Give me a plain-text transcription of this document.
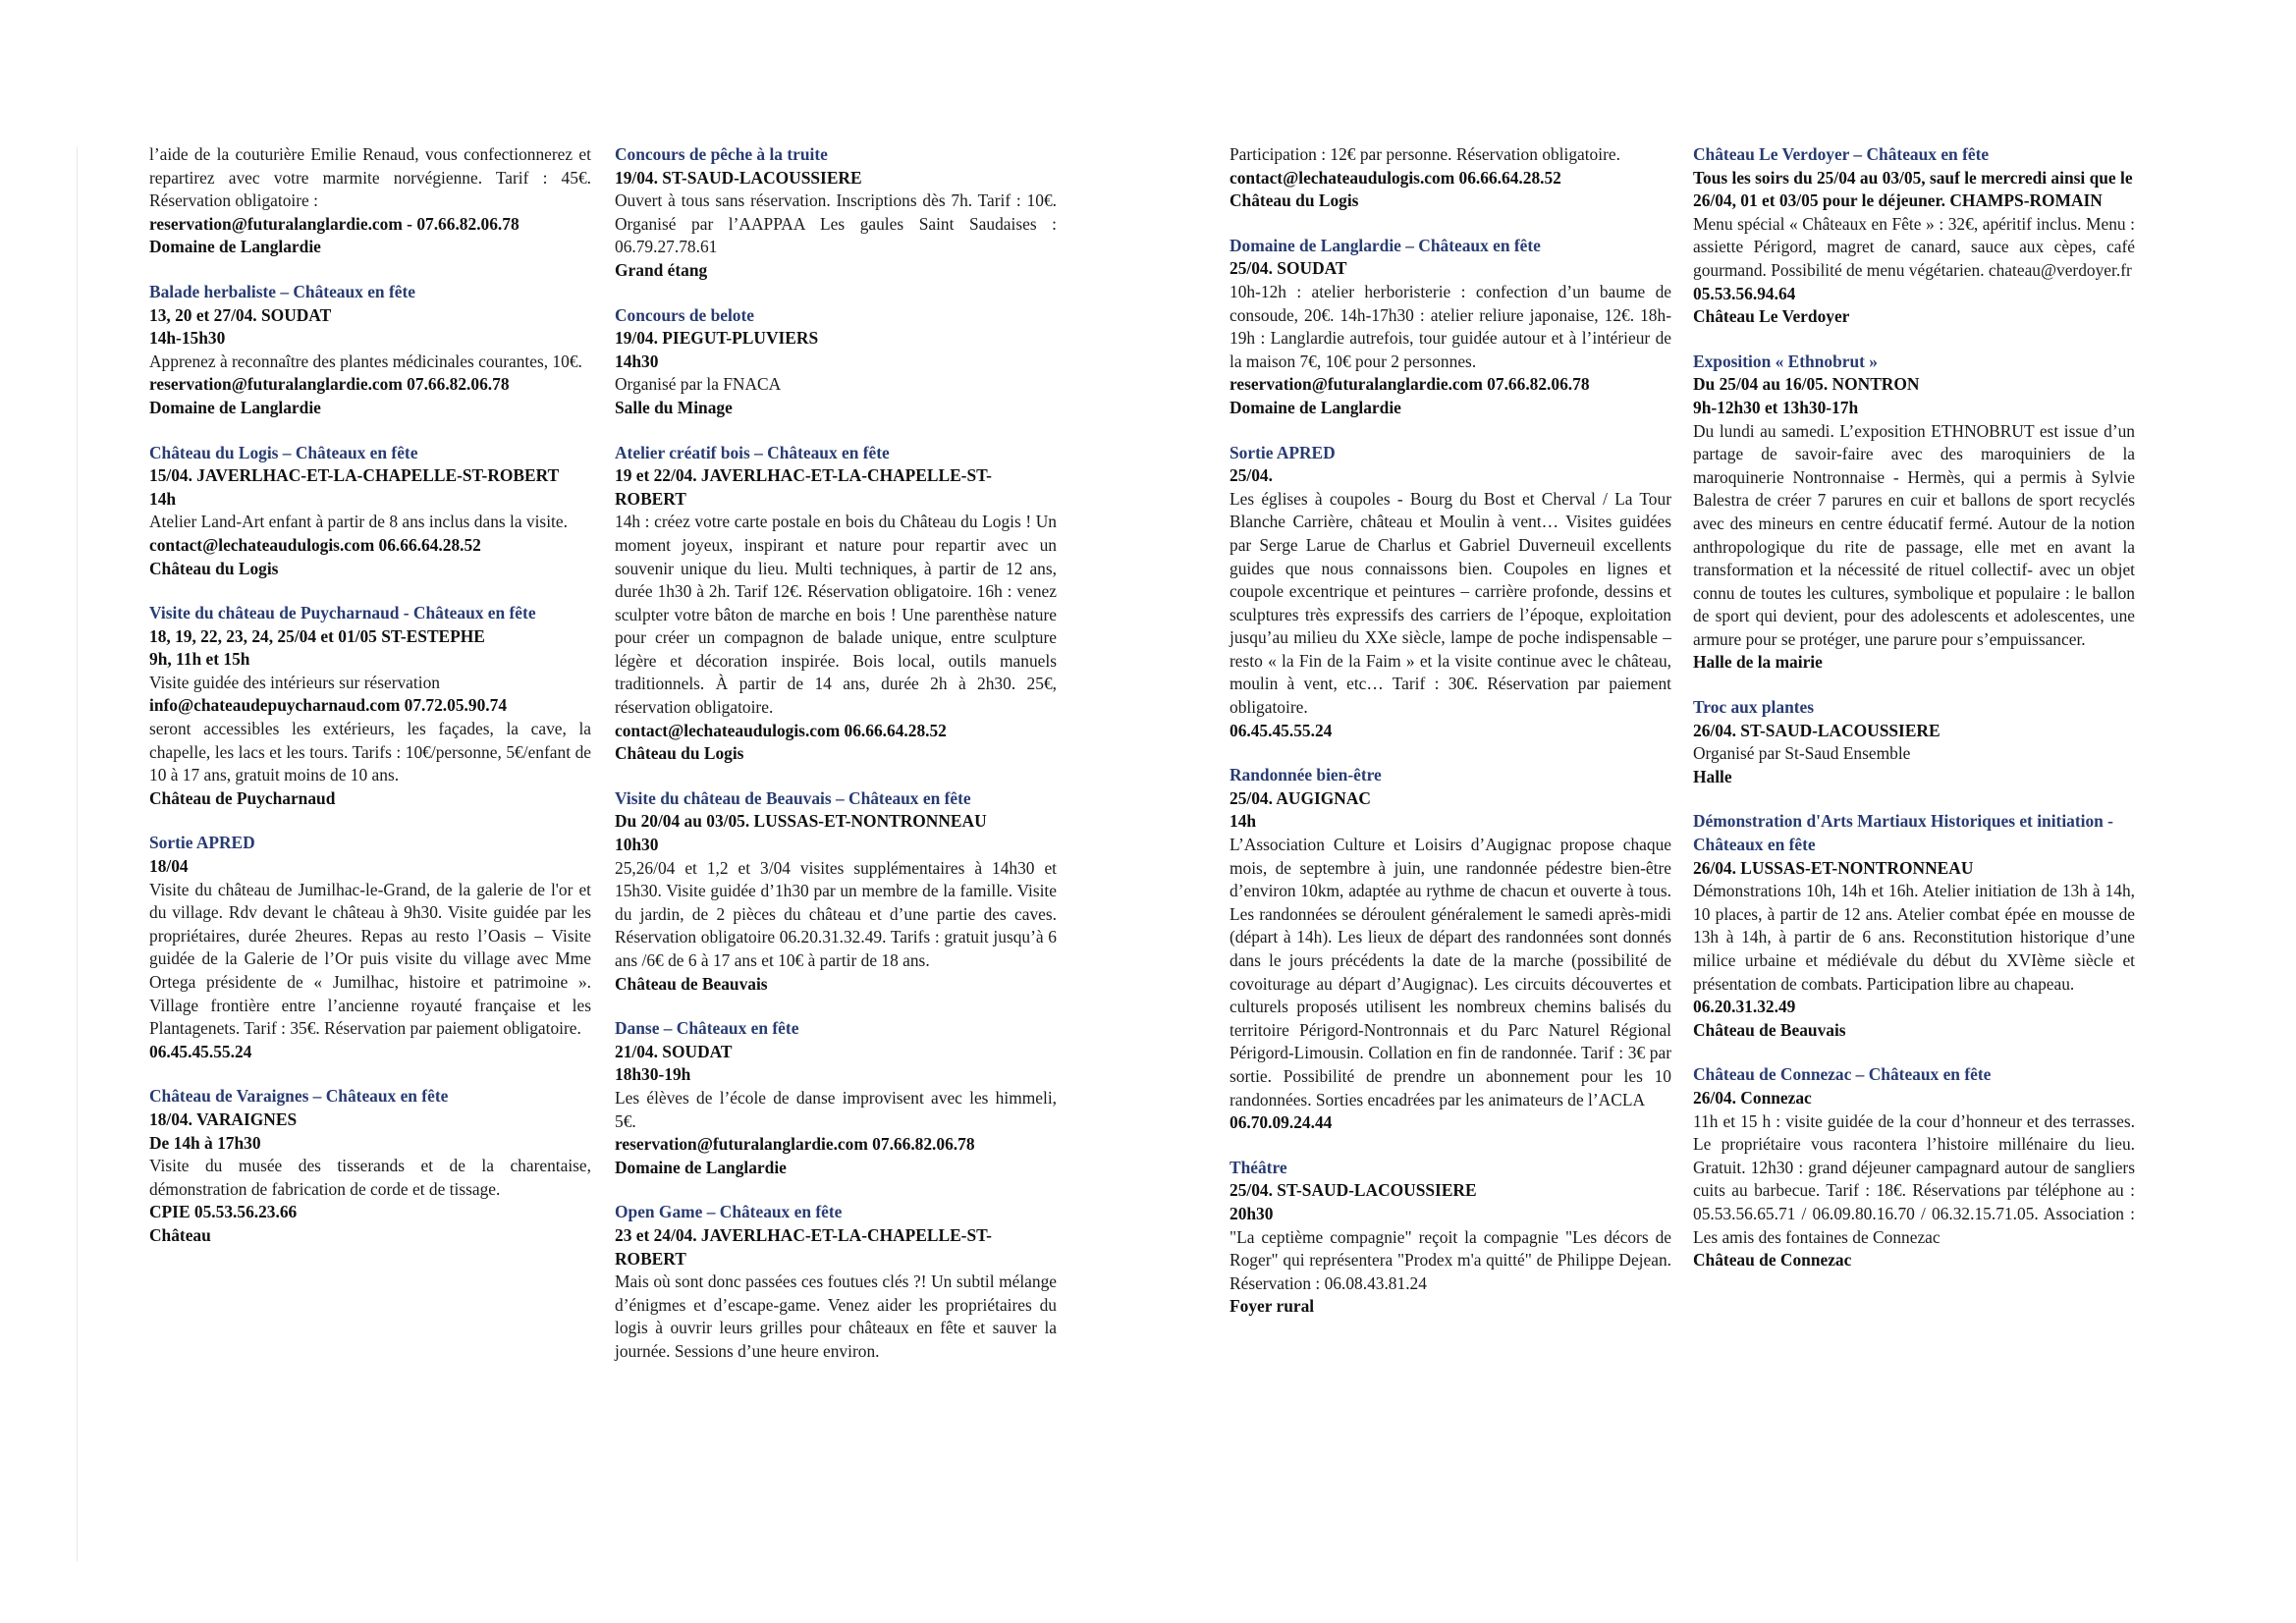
l’aide de la couturière Emilie Renaud, vous confectionnerez et repartirez avec votre marmite norvégienne. Tarif : 45€. Réservation obligatoire :
reservation@futuralanglardie.com - 07.66.82.06.78
Domaine de Langlardie
Balade herbaliste – Châteaux en fête
13, 20 et 27/04. SOUDAT
14h-15h30
Apprenez à reconnaître des plantes médicinales courantes, 10€.
reservation@futuralanglardie.com 07.66.82.06.78
Domaine de Langlardie
Château du Logis – Châteaux en fête
15/04. JAVERLHAC-ET-LA-CHAPELLE-ST-ROBERT
14h
Atelier Land-Art enfant à partir de 8 ans inclus dans la visite.
contact@lechateaudulogis.com 06.66.64.28.52
Château du Logis
Visite du château de Puycharnaud - Châteaux en fête
18, 19, 22, 23, 24, 25/04 et 01/05 ST-ESTEPHE
9h, 11h et 15h
Visite guidée des intérieurs sur réservation
info@chateaudepuycharnaud.com 07.72.05.90.74
seront accessibles les extérieurs, les façades, la cave, la chapelle, les lacs et les tours. Tarifs : 10€/personne, 5€/enfant de 10 à 17 ans, gratuit moins de 10 ans.
Château de Puycharnaud
Sortie APRED
18/04
Visite du château de Jumilhac-le-Grand, de la galerie de l'or et du village. Rdv devant le château à 9h30. Visite guidée par les propriétaires, durée 2heures. Repas au resto l’Oasis – Visite guidée de la Galerie de l’Or puis visite du village avec Mme Ortega présidente de « Jumilhac, histoire et patrimoine ». Village frontière entre l’ancienne royauté française et les Plantagenets. Tarif : 35€. Réservation par paiement obligatoire.
06.45.45.55.24
Château de Varaignes – Châteaux en fête
18/04. VARAIGNES
De 14h à 17h30
Visite du musée des tisserands et de la charentaise, démonstration de fabrication de corde et de tissage.
CPIE 05.53.56.23.66
Château
Concours de pêche à la truite
19/04. ST-SAUD-LACOUSSIERE
Ouvert à tous sans réservation. Inscriptions dès 7h. Tarif : 10€. Organisé par l’AAPPAA Les gaules Saint Saudaises : 06.79.27.78.61
Grand étang
Concours de belote
19/04. PIEGUT-PLUVIERS
14h30
Organisé par la FNACA
Salle du Minage
Atelier créatif bois – Châteaux en fête
19 et 22/04. JAVERLHAC-ET-LA-CHAPELLE-ST-ROBERT
14h : créez votre carte postale en bois du Château du Logis ! Un moment joyeux, inspirant et nature pour repartir avec un souvenir unique du lieu. Multi techniques, à partir de 12 ans, durée 1h30 à 2h. Tarif 12€. Réservation obligatoire. 16h : venez sculpter votre bâton de marche en bois ! Une parenthèse nature pour créer un compagnon de balade unique, entre sculpture légère et décoration inspirée. Bois local, outils manuels traditionnels. À partir de 14 ans, durée 2h à 2h30. 25€, réservation obligatoire.
contact@lechateaudulogis.com 06.66.64.28.52
Château du Logis
Visite du château de Beauvais – Châteaux en fête
Du 20/04 au 03/05. LUSSAS-ET-NONTRONNEAU
10h30
25,26/04 et 1,2 et 3/04 visites supplémentaires à 14h30 et 15h30. Visite guidée d’1h30 par un membre de la famille. Visite du jardin, de 2 pièces du château et d’une partie des caves. Réservation obligatoire 06.20.31.32.49. Tarifs : gratuit jusqu’à 6 ans /6€ de 6 à 17 ans et 10€ à partir de 18 ans.
Château de Beauvais
Danse – Châteaux en fête
21/04. SOUDAT
18h30-19h
Les élèves de l’école de danse improvisent avec les himmeli, 5€.
reservation@futuralanglardie.com 07.66.82.06.78
Domaine de Langlardie
Open Game – Châteaux en fête
23 et 24/04. JAVERLHAC-ET-LA-CHAPELLE-ST-ROBERT
Mais où sont donc passées ces foutues clés ?! Un subtil mélange d’énigmes et d’escape-game. Venez aider les propriétaires du logis à ouvrir leurs grilles pour châteaux en fête et sauver la journée. Sessions d’une heure environ.
Participation : 12€ par personne. Réservation obligatoire.
contact@lechateaudulogis.com 06.66.64.28.52
Château du Logis
Domaine de Langlardie – Châteaux en fête
25/04. SOUDAT
10h-12h : atelier herboristerie : confection d’un baume de consoude, 20€. 14h-17h30 : atelier reliure japonaise, 12€. 18h-19h : Langlardie autrefois, tour guidée autour et à l’intérieur de la maison 7€, 10€ pour 2 personnes.
reservation@futuralanglardie.com 07.66.82.06.78
Domaine de Langlardie
Sortie APRED
25/04.
Les églises à coupoles - Bourg du Bost et Cherval / La Tour Blanche Carrière, château et Moulin à vent… Visites guidées par Serge Larue de Charlus et Gabriel Duverneuil excellents guides que nous connaissons bien. Coupoles en lignes et coupole excentrique et peintures – carrière profonde, dessins et sculptures très expressifs des carriers de l’époque, exploitation jusqu’au milieu du XXe siècle, lampe de poche indispensable – resto « la Fin de la Faim » et la visite continue avec le château, moulin à vent, etc… Tarif : 30€. Réservation par paiement obligatoire.
06.45.45.55.24
Randonnée bien-être
25/04. AUGIGNAC
14h
L’Association Culture et Loisirs d’Augignac propose chaque mois, de septembre à juin, une randonnée pédestre bien-être d’environ 10km, adaptée au rythme de chacun et ouverte à tous. Les randonnées se déroulent généralement le samedi après-midi (départ à 14h). Les lieux de départ des randonnées sont donnés dans le jours précédents la date de la marche (possibilité de covoiturage au départ d’Augignac). Les circuits découvertes et culturels proposés utilisent les nombreux chemins balisés du territoire Périgord-Nontronnais et du Parc Naturel Régional Périgord-Limousin. Collation en fin de randonnée. Tarif : 3€ par sortie. Possibilité de prendre un abonnement pour les 10 randonnées. Sorties encadrées par les animateurs de l’ACLA
06.70.09.24.44
Théâtre
25/04. ST-SAUD-LACOUSSIERE
20h30
"La ceptième compagnie" reçoit la compagnie "Les décors de Roger" qui représentera "Prodex m'a quitté" de Philippe Dejean. Réservation : 06.08.43.81.24
Foyer rural
Château Le Verdoyer – Châteaux en fête
Tous les soirs du 25/04 au 03/05, sauf le mercredi ainsi que le 26/04, 01 et 03/05 pour le déjeuner. CHAMPS-ROMAIN
Menu spécial « Châteaux en Fête » : 32€, apéritif inclus. Menu : assiette Périgord, magret de canard, sauce aux cèpes, café gourmand. Possibilité de menu végétarien. chateau@verdoyer.fr
05.53.56.94.64
Château Le Verdoyer
Exposition « Ethnobrut »
Du 25/04 au 16/05. NONTRON
9h-12h30 et 13h30-17h
Du lundi au samedi. L’exposition ETHNOBRUT est issue d’un partage de savoir-faire avec des maroquiniers de la maroquinerie Nontronnaise - Hermès, qui a permis à Sylvie Balestra de créer 7 parures en cuir et ballons de sport recyclés avec des mineurs en centre éducatif fermé. Autour de la notion anthropologique du rite de passage, elle met en avant la transformation et la nécessité de rituel collectif- avec un objet connu de toutes les cultures, symbolique et populaire : le ballon de sport qui devient, pour des adolescents et adolescentes, une armure pour se protéger, une parure pour s’empuissancer.
Halle de la mairie
Troc aux plantes
26/04. ST-SAUD-LACOUSSIERE
Organisé par St-Saud Ensemble
Halle
Démonstration d'Arts Martiaux Historiques et initiation - Châteaux en fête
26/04. LUSSAS-ET-NONTRONNEAU
Démonstrations 10h, 14h et 16h. Atelier initiation de 13h à 14h, 10 places, à partir de 12 ans. Atelier combat épée en mousse de 13h à 14h, à partir de 6 ans. Reconstitution historique d’une milice urbaine et médiévale du début du XVIème siècle et présentation de combats. Participation libre au chapeau.
06.20.31.32.49
Château de Beauvais
Château de Connezac – Châteaux en fête
26/04. Connezac
11h et 15 h : visite guidée de la cour d’honneur et des terrasses. Le propriétaire vous racontera l’histoire millénaire du lieu. Gratuit. 12h30 : grand déjeuner campagnard autour de sangliers cuits au barbecue. Tarif : 18€. Réservations par téléphone au : 05.53.56.65.71 / 06.09.80.16.70 / 06.32.15.71.05. Association : Les amis des fontaines de Connezac
Château de Connezac
